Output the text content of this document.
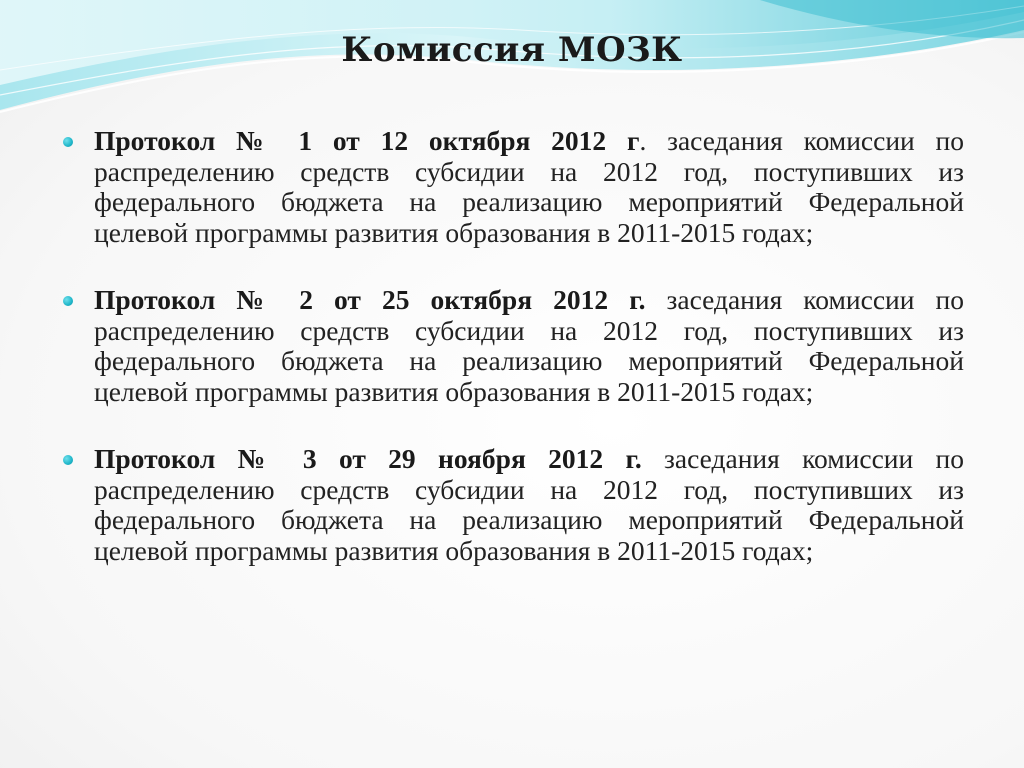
Комиссия МОЗК
Протокол № 1 от 12 октября 2012 г. заседания комиссии по распределению средств субсидии на 2012 год, поступивших из федерального бюджета на реализацию мероприятий Федеральной целевой программы развития образования в 2011-2015 годах;
Протокол № 2 от 25 октября 2012 г. заседания комиссии по распределению средств субсидии на 2012 год, поступивших из федерального бюджета на реализацию мероприятий Федеральной целевой программы развития образования в 2011-2015 годах;
Протокол № 3 от 29 ноября 2012 г. заседания комиссии по распределению средств субсидии на 2012 год, поступивших из федерального бюджета на реализацию мероприятий Федеральной целевой программы развития образования в 2011-2015 годах;
